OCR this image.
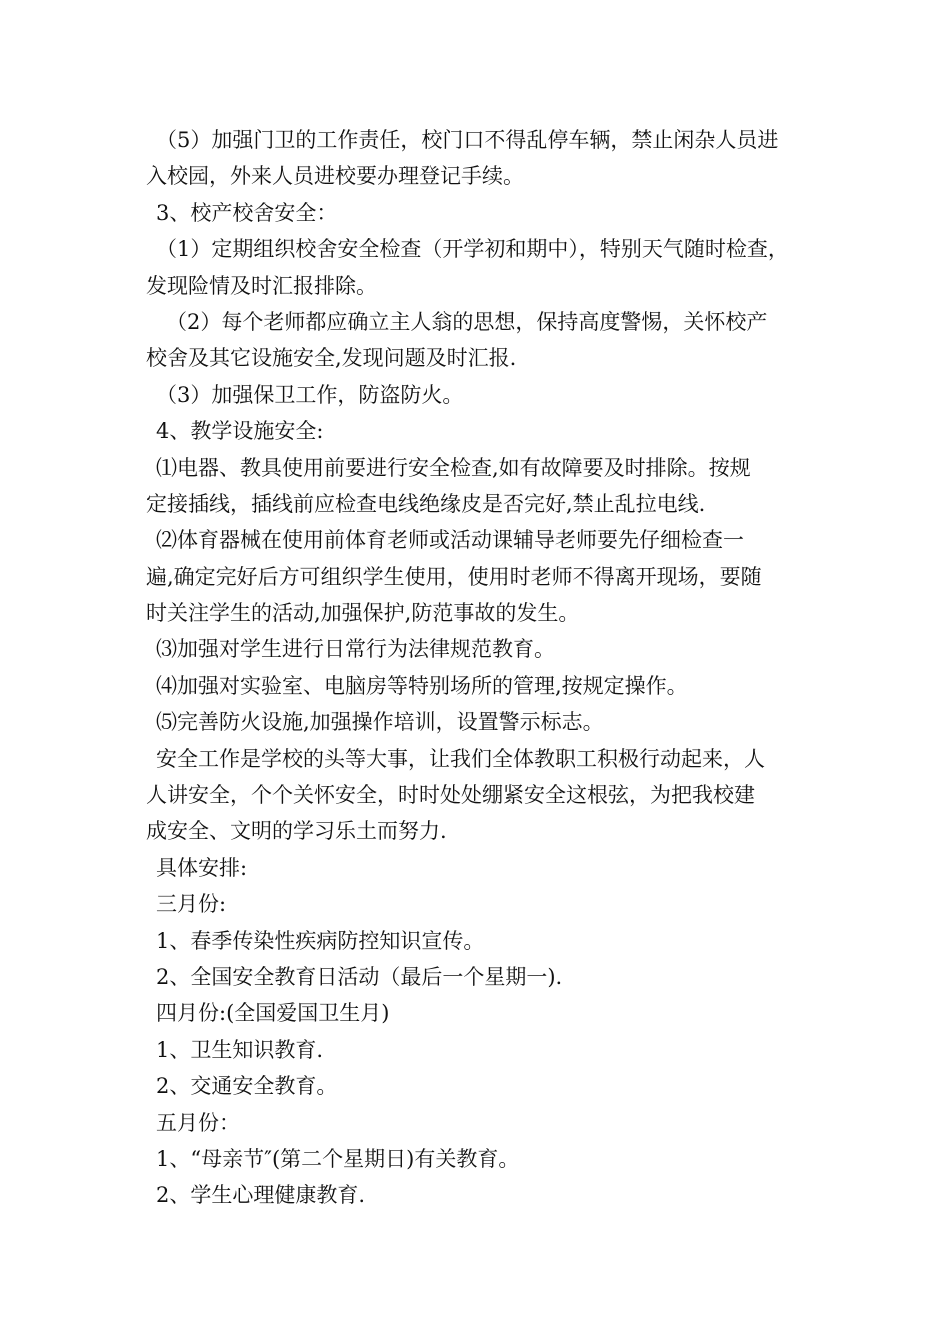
（5）加强门卫的工作责任，校门口不得乱停车辆，禁止闲杂人员进
入校园，外来人员进校要办理登记手续。
3、校产校舍安全：
（1）定期组织校舍安全检查（开学初和期中），特别天气随时检查，
发现险情及时汇报排除。
（2）每个老师都应确立主人翁的思想，保持高度警惕，关怀校产
校舍及其它设施安全,发现问题及时汇报.
（3）加强保卫工作，防盗防火。
4、教学设施安全:
⑴电器、教具使用前要进行安全检查,如有故障要及时排除。按规
定接插线，插线前应检查电线绝缘皮是否完好,禁止乱拉电线.
⑵体育器械在使用前体育老师或活动课辅导老师要先仔细检查一
遍,确定完好后方可组织学生使用，使用时老师不得离开现场，要随
时关注学生的活动,加强保护,防范事故的发生。
⑶加强对学生进行日常行为法律规范教育。
⑷加强对实验室、电脑房等特别场所的管理,按规定操作。
⑸完善防火设施,加强操作培训，设置警示标志。
安全工作是学校的头等大事，让我们全体教职工积极行动起来，人
人讲安全，个个关怀安全，时时处处绷紧安全这根弦，为把我校建
成安全、文明的学习乐土而努力.
具体安排:
三月份:
1、春季传染性疾病防控知识宣传。
2、全国安全教育日活动（最后一个星期一).
四月份:(全国爱国卫生月)
1、卫生知识教育.
2、交通安全教育。
五月份：
1、“母亲节″(第二个星期日)有关教育。
2、学生心理健康教育.
